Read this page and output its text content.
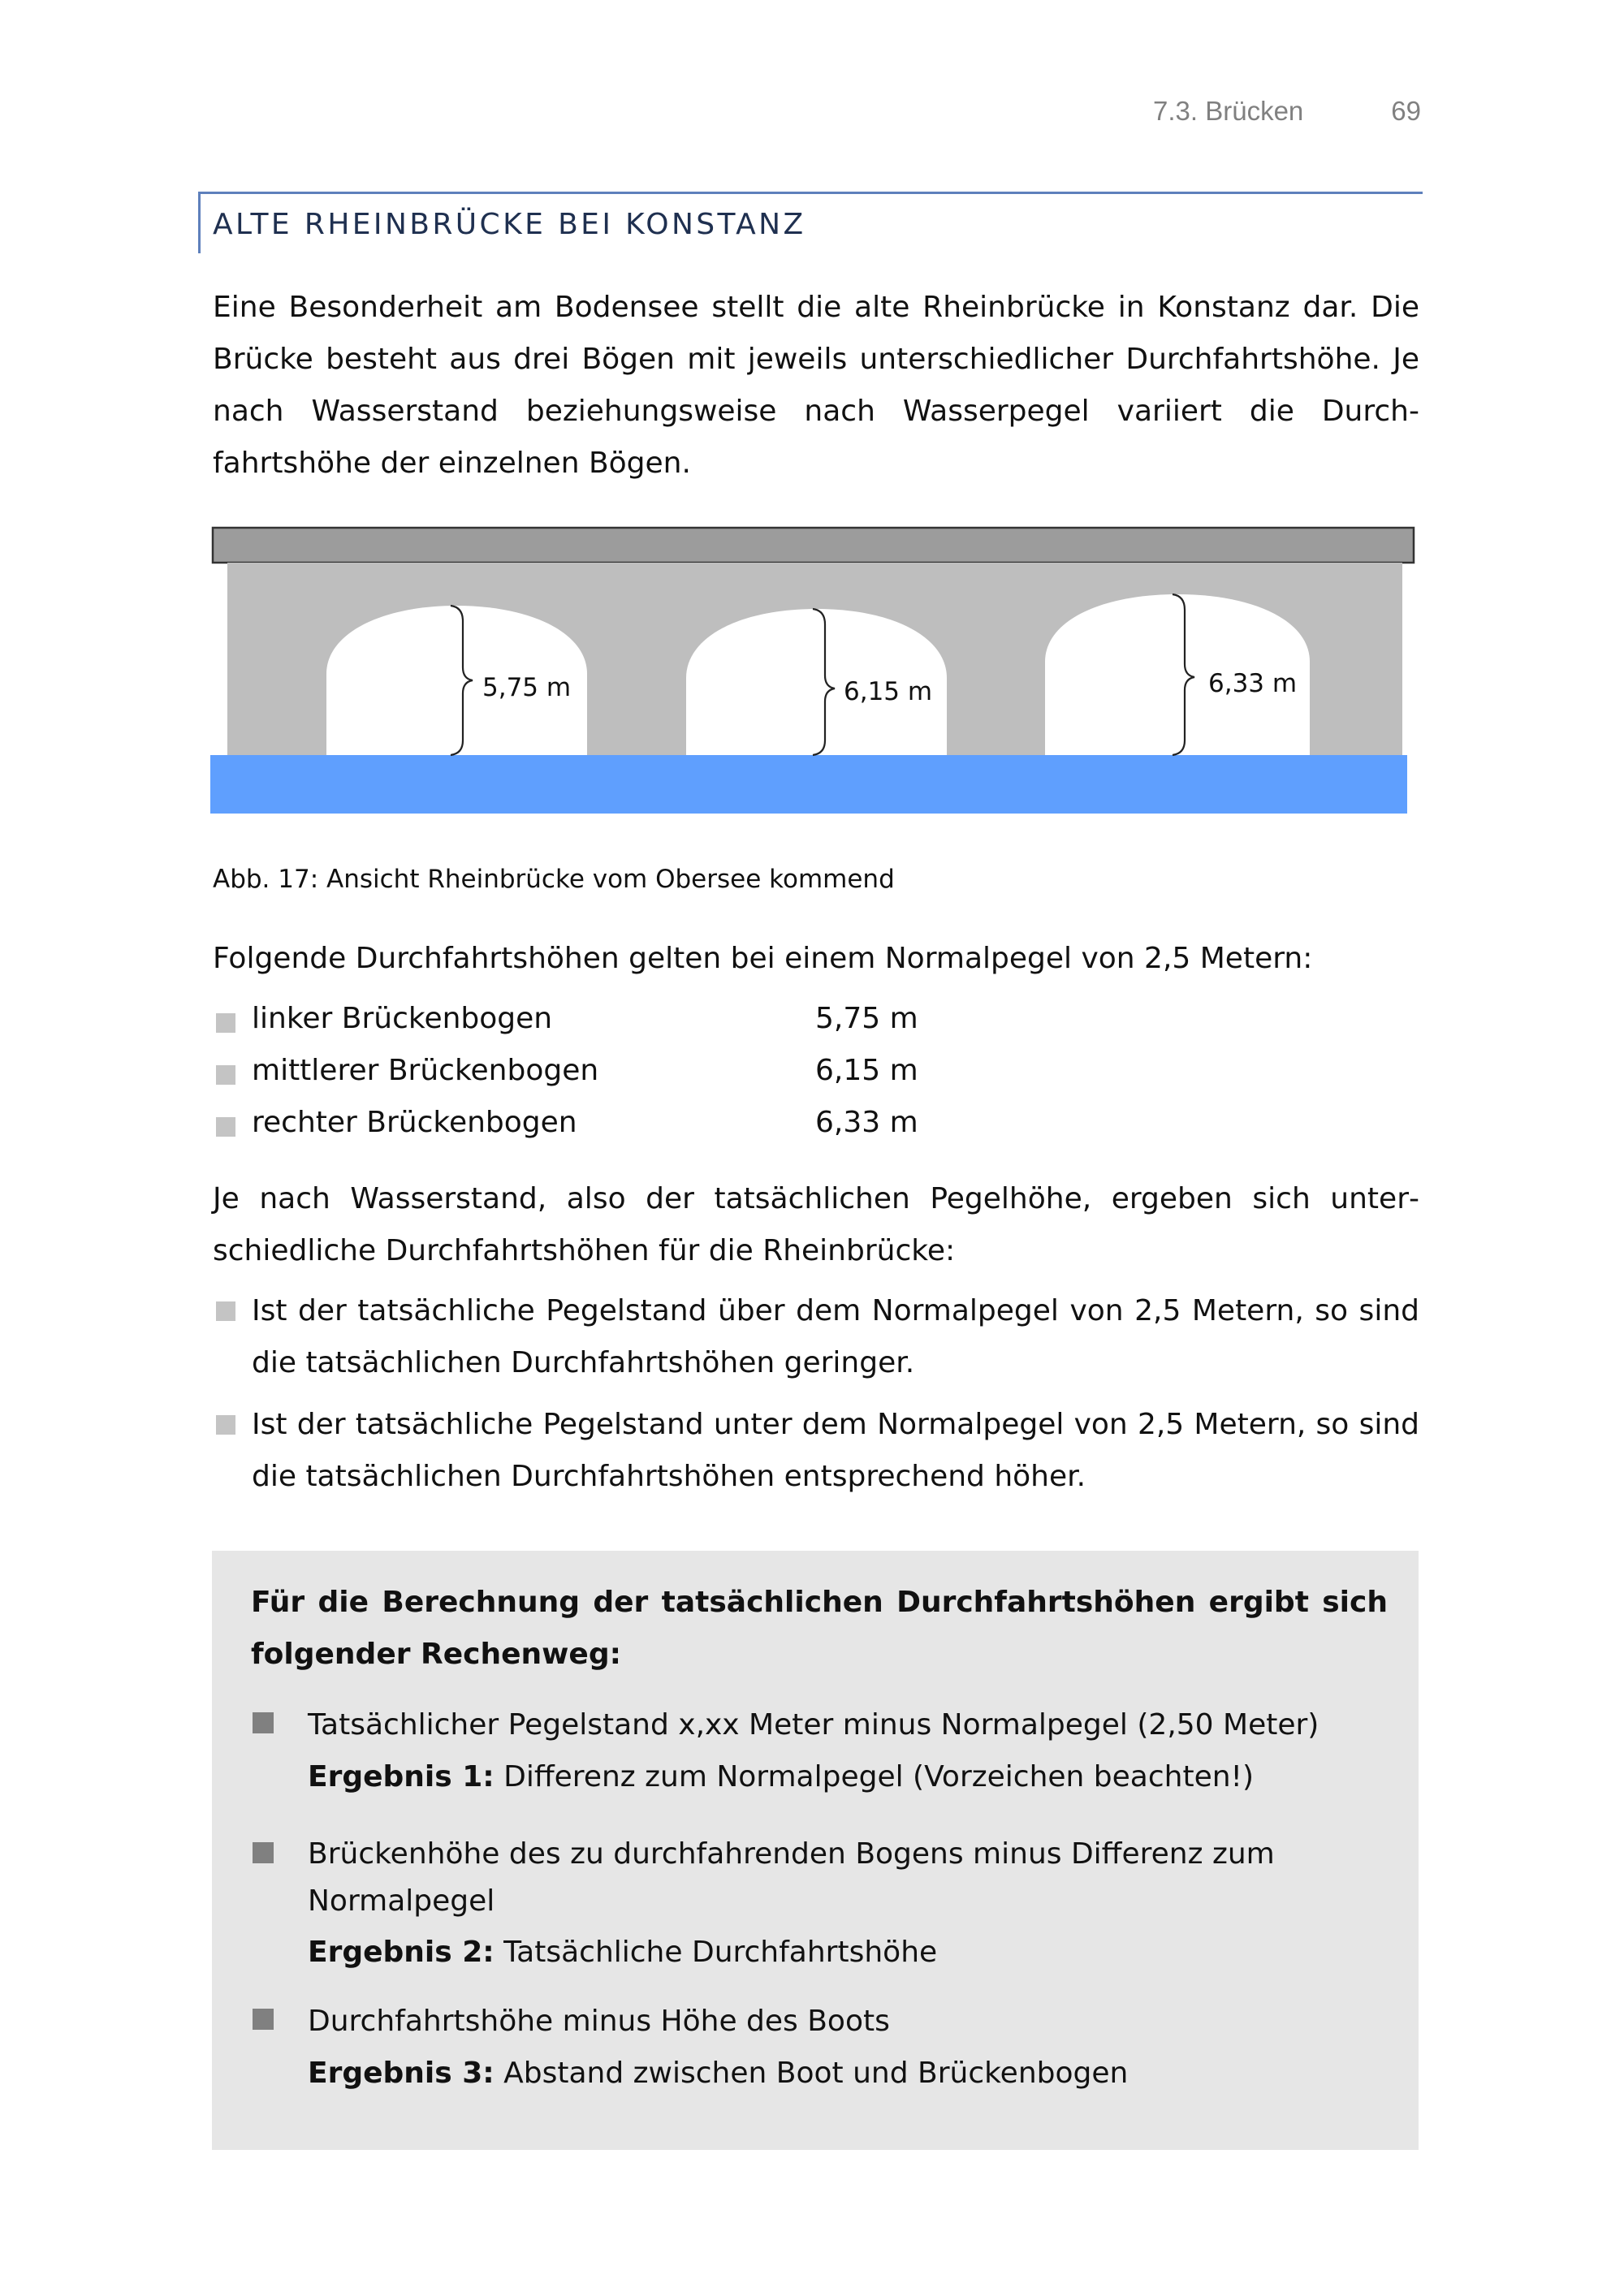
7.3. Brücken	69
ALTE RHEINBRÜCKE BEI KONSTANZ

Eine Besonderheit am Bodensee stellt die alte Rheinbrücke in Konstanz dar. Die Brücke besteht aus drei Bögen mit jeweils unterschiedlicher Durchfahrtshöhe. Je nach Wasserstand beziehungsweise nach Wasserpegel variiert die Durch­fahrtshöhe der einzelnen Bögen.

5,75 m	6,15 m	6,33 m
Abb. 17: Ansicht Rheinbrücke vom Obersee kommend
Folgende Durchfahrtshöhen gelten bei einem Normalpegel von 2,5 Metern:
linker Brückenbogen	5,75 m
mittlerer Brückenbogen	6,15 m
rechter Brückenbogen	6,33 m

Je nach Wasserstand, also der tatsächlichen Pegelhöhe, ergeben sich unter­schiedliche Durchfahrtshöhen für die Rheinbrücke:

Ist der tatsächliche Pegelstand über dem Normalpegel von 2,5 Metern, so sind die tatsächlichen Durchfahrtshöhen geringer.
Ist der tatsächliche Pegelstand unter dem Normalpegel von 2,5 Metern, so sind die tatsächlichen Durchfahrtshöhen entsprechend höher.
Für die Berechnung der tatsächlichen Durchfahrtshöhen ergibt sich fol­gender Rechenweg:
Tatsächlicher Pegelstand x,xx Meter minus Normalpegel (2,50 Meter)
Ergebnis 1: Differenz zum Normalpegel (Vorzeichen beachten!)
Brückenhöhe des zu durchfahrenden Bogens minus Differenz zum Normalpegel
Ergebnis 2: Tatsächliche Durchfahrtshöhe
Durchfahrtshöhe minus Höhe des Boots
Ergebnis 3: Abstand zwischen Boot und Brückenbogen
